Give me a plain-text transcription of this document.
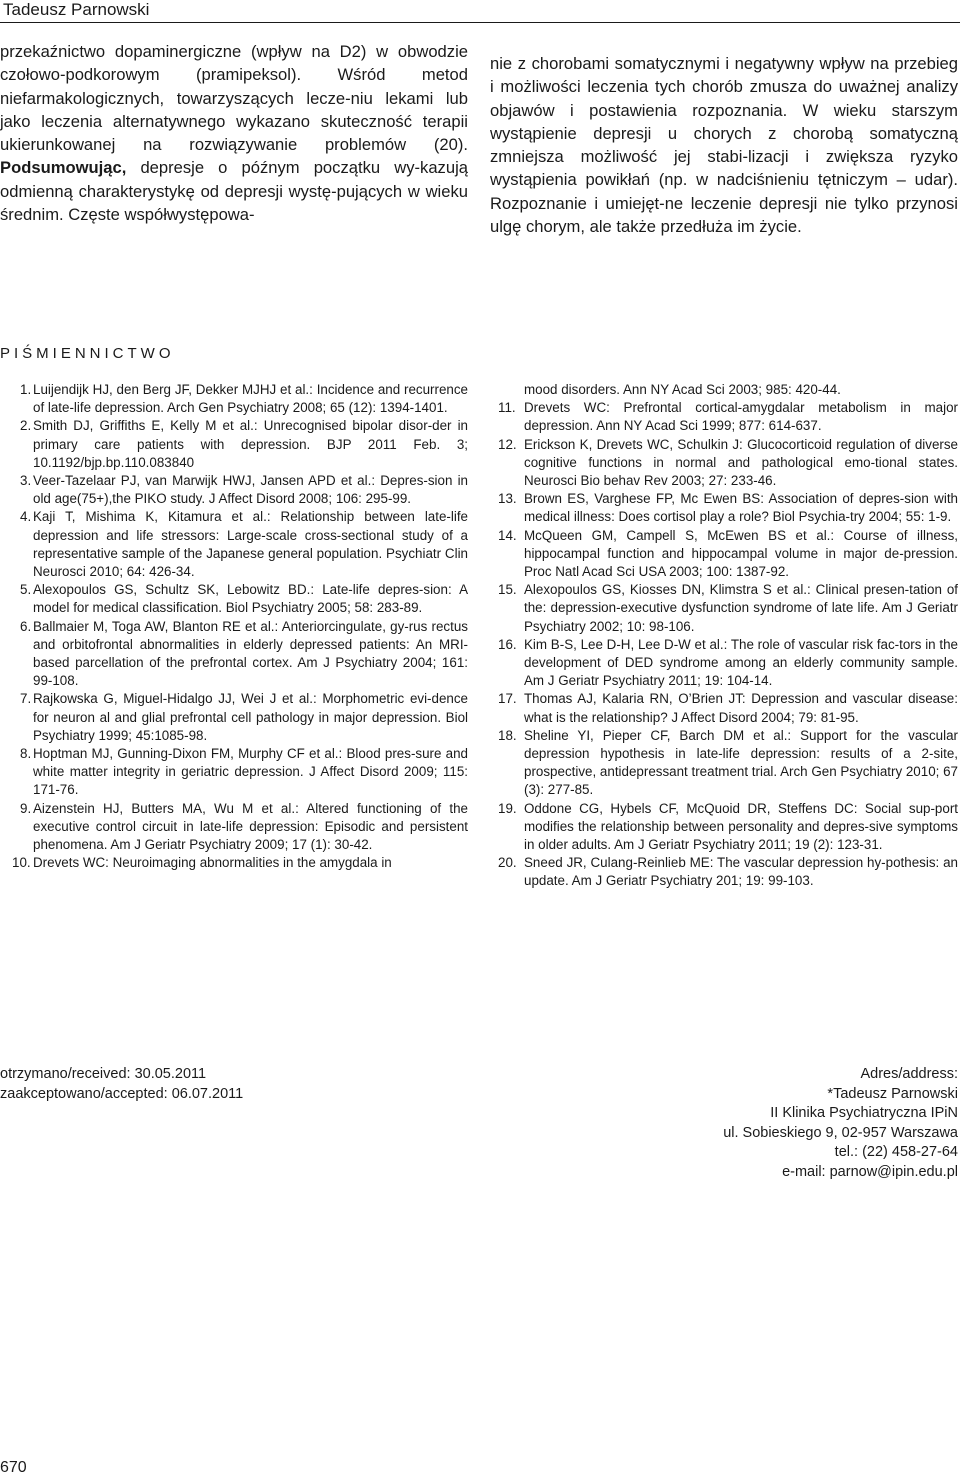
Tadeusz Parnowski

przekaźnictwo dopaminergiczne (wpływ na D2) w obwodzie czołowo-podkorowym (pramipeksol). Wśród metod niefarmakologicznych, towarzyszących lecze-niu lekami lub jako leczenia alternatywnego wykazano skuteczność terapii ukierunkowanej na rozwiązywanie problemów (20). Podsumowując, depresje o późnym początku wy-kazują odmienną charakterystykę od depresji wystę-pujących w wieku średnim. Częste współwystępowa-

nie z chorobami somatycznymi i negatywny wpływ na przebieg i możliwości leczenia tych chorób zmusza do uważnej analizy objawów i postawienia rozpoznania. W wieku starszym wystąpienie depresji u chorych z chorobą somatyczną zmniejsza możliwość jej stabi-lizacji i zwiększa ryzyko wystąpienia powikłań (np. w nadciśnieniu tętniczym – udar). Rozpoznanie i umiejęt-ne leczenie depresji nie tylko przynosi ulgę chorym, ale także przedłuża im życie.

PIŚMIENNICTWO
1. Luijendijk HJ, den Berg JF, Dekker MJHJ et al.: Incidence and recurrence of late-life depression. Arch Gen Psychiatry 2008; 65 (12): 1394-1401.
2. Smith DJ, Griffiths E, Kelly M et al.: Unrecognised bipolar disor-der in primary care patients with depression. BJP 2011 Feb. 3; 10.1192/bjp.bp.110.083840
3. Veer-Tazelaar PJ, van Marwijk HWJ, Jansen APD et al.: Depres-sion in old age(75+),the PIKO study. J Affect Disord 2008; 106: 295-99.
4. Kaji T, Mishima K, Kitamura et al.: Relationship between late-life depression and life stressors: Large-scale cross-sectional study of a representative sample of the Japanese general population. Psychiatr Clin Neurosci 2010; 64: 426-34.
5. Alexopoulos GS, Schultz SK, Lebowitz BD.: Late-life depres-sion: A model for medical classification. Biol Psychiatry 2005; 58: 283-89.
6. Ballmaier M, Toga AW, Blanton RE et al.: Anteriorcingulate, gy-rus rectus and orbitofrontal abnormalities in elderly depressed patients: An MRI-based parcellation of the prefrontal cortex. Am J Psychiatry 2004; 161: 99-108.
7. Rajkowska G, Miguel-Hidalgo JJ, Wei J et al.: Morphometric evi-dence for neuron al and glial prefrontal cell pathology in major depression. Biol Psychiatry 1999; 45:1085-98.
8. Hoptman MJ, Gunning-Dixon FM, Murphy CF et al.: Blood pres-sure and white matter integrity in geriatric depression. J Affect Disord 2009; 115: 171-76.
9. Aizenstein HJ, Butters MA, Wu M et al.: Altered functioning of the executive control circuit in late-life depression: Episodic and persistent phenomena. Am J Geriatr Psychiatry 2009; 17 (1): 30-42.
10. Drevets WC: Neuroimaging abnormalities in the amygdala in
mood disorders. Ann NY Acad Sci 2003; 985: 420-44.
11. Drevets WC: Prefrontal cortical-amygdalar metabolism in major depression. Ann NY Acad Sci 1999; 877: 614-637.
12. Erickson K, Drevets WC, Schulkin J: Glucocorticoid regulation of diverse cognitive functions in normal and pathological emo-tional states. Neurosci Bio behav Rev 2003; 27: 233-46.
13. Brown ES, Varghese FP, Mc Ewen BS: Association of depres-sion with medical illness: Does cortisol play a role? Biol Psychia-try 2004; 55: 1-9.
14. McQueen GM, Campell S, McEwen BS et al.: Course of illness, hippocampal function and hippocampal volume in major de-pression. Proc Natl Acad Sci USA 2003; 100: 1387-92.
15. Alexopoulos GS, Kiosses DN, Klimstra S et al.: Clinical presen-tation of the: depression-executive dysfunction syndrome of late life. Am J Geriatr Psychiatry 2002; 10: 98-106.
16. Kim B-S, Lee D-H, Lee D-W et al.: The role of vascular risk fac-tors in the development of DED syndrome among an elderly community sample. Am J Geriatr Psychiatry 2011; 19: 104-14.
17. Thomas AJ, Kalaria RN, O’Brien JT: Depression and vascular disease: what is the relationship? J Affect Disord 2004; 79: 81-95.
18. Sheline YI, Pieper CF, Barch DM et al.: Support for the vascular depression hypothesis in late-life depression: results of a 2-site, prospective, antidepressant treatment trial. Arch Gen Psychiatry 2010; 67 (3): 277-85.
19. Oddone CG, Hybels CF, McQuoid DR, Steffens DC: Social sup-port modifies the relationship between personality and depres-sive symptoms in older adults. Am J Geriatr Psychiatry 2011; 19 (2): 123-31.
20. Sneed JR, Culang-Reinlieb ME: The vascular depression hy-pothesis: an update. Am J Geriatr Psychiatry 201; 19: 99-103.
otrzymano/received: 30.05.2011
zaakceptowano/accepted: 06.07.2011
Adres/address:
*Tadeusz Parnowski
II Klinika Psychiatryczna IPiN
ul. Sobieskiego 9, 02-957 Warszawa
tel.: (22) 458-27-64
e-mail: parnow@ipin.edu.pl
670
